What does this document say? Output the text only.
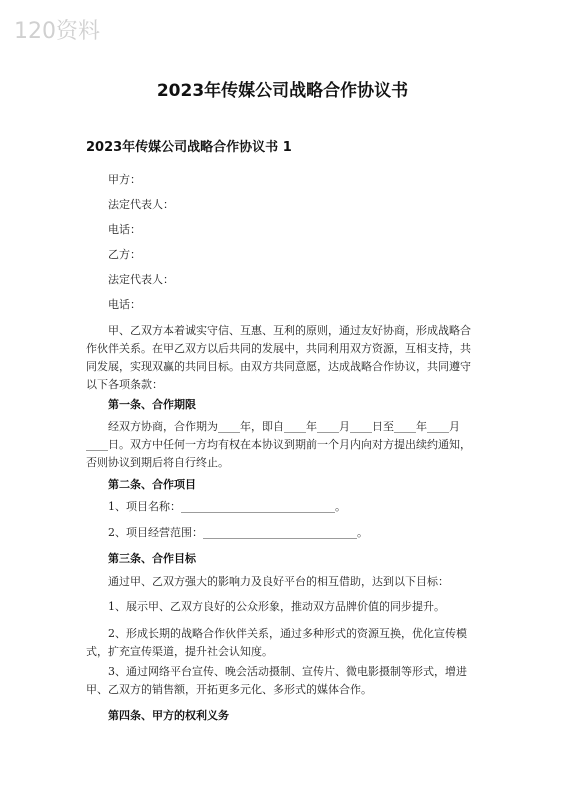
120资料
2023年传媒公司战略合作协议书
2023年传媒公司战略合作协议书 1
甲方：
法定代表人：
电话：
乙方：
法定代表人：
电话：
甲、乙双方本着诚实守信、互惠、互利的原则，通过友好协商，形成战略合作伙伴关系。在甲乙双方以后共同的发展中，共同利用双方资源，互相支持，共同发展，实现双赢的共同目标。由双方共同意愿，达成战略合作协议，共同遵守以下各项条款：
第一条、合作期限
经双方协商，合作期为____年，即自____年____月____日至____年____月____日。双方中任何一方均有权在本协议到期前一个月内向对方提出续约通知，否则协议到期后将自行终止。
第二条、合作项目
1、项目名称：____________________________。
2、项目经营范围：____________________________。
第三条、合作目标
通过甲、乙双方强大的影响力及良好平台的相互借助，达到以下目标：
1、展示甲、乙双方良好的公众形象，推动双方品牌价值的同步提升。
2、形成长期的战略合作伙伴关系，通过多种形式的资源互换，优化宣传模式，扩充宣传渠道，提升社会认知度。
3、通过网络平台宣传、晚会活动摄制、宣传片、微电影摄制等形式，增进甲、乙双方的销售额，开拓更多元化、多形式的媒体合作。
第四条、甲方的权利义务
